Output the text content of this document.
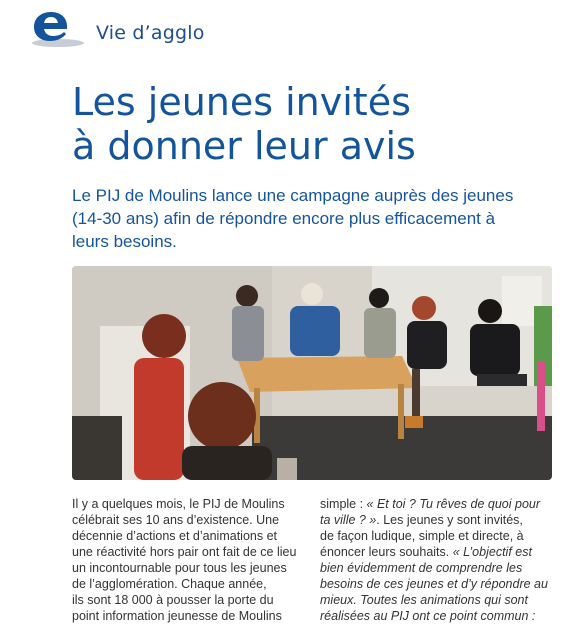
Vie d’agglo
Les jeunes invités
à donner leur avis

Le PIJ de Moulins lance une campagne auprès des jeunes
(14-30 ans) afin de répondre encore plus efficacement à
leurs besoins.

Il y a quelques mois, le PIJ de Moulins
célébrait ses 10 ans d’existence. Une
décennie d’actions et d’animations et
une réactivité hors pair ont fait de ce lieu
un incontournable pour tous les jeunes
de l’agglomération. Chaque année,
ils sont 18 000 à pousser la porte du
point information jeunesse de Moulins

simple : « Et toi ? Tu rêves de quoi pour
ta ville ? ». Les jeunes y sont invités,
de façon ludique, simple et directe, à
énoncer leurs souhaits. « L’objectif est
bien évidemment de comprendre les
besoins de ces jeunes et d’y répondre au
mieux. Toutes les animations qui sont
réalisées au PIJ ont ce point commun :
